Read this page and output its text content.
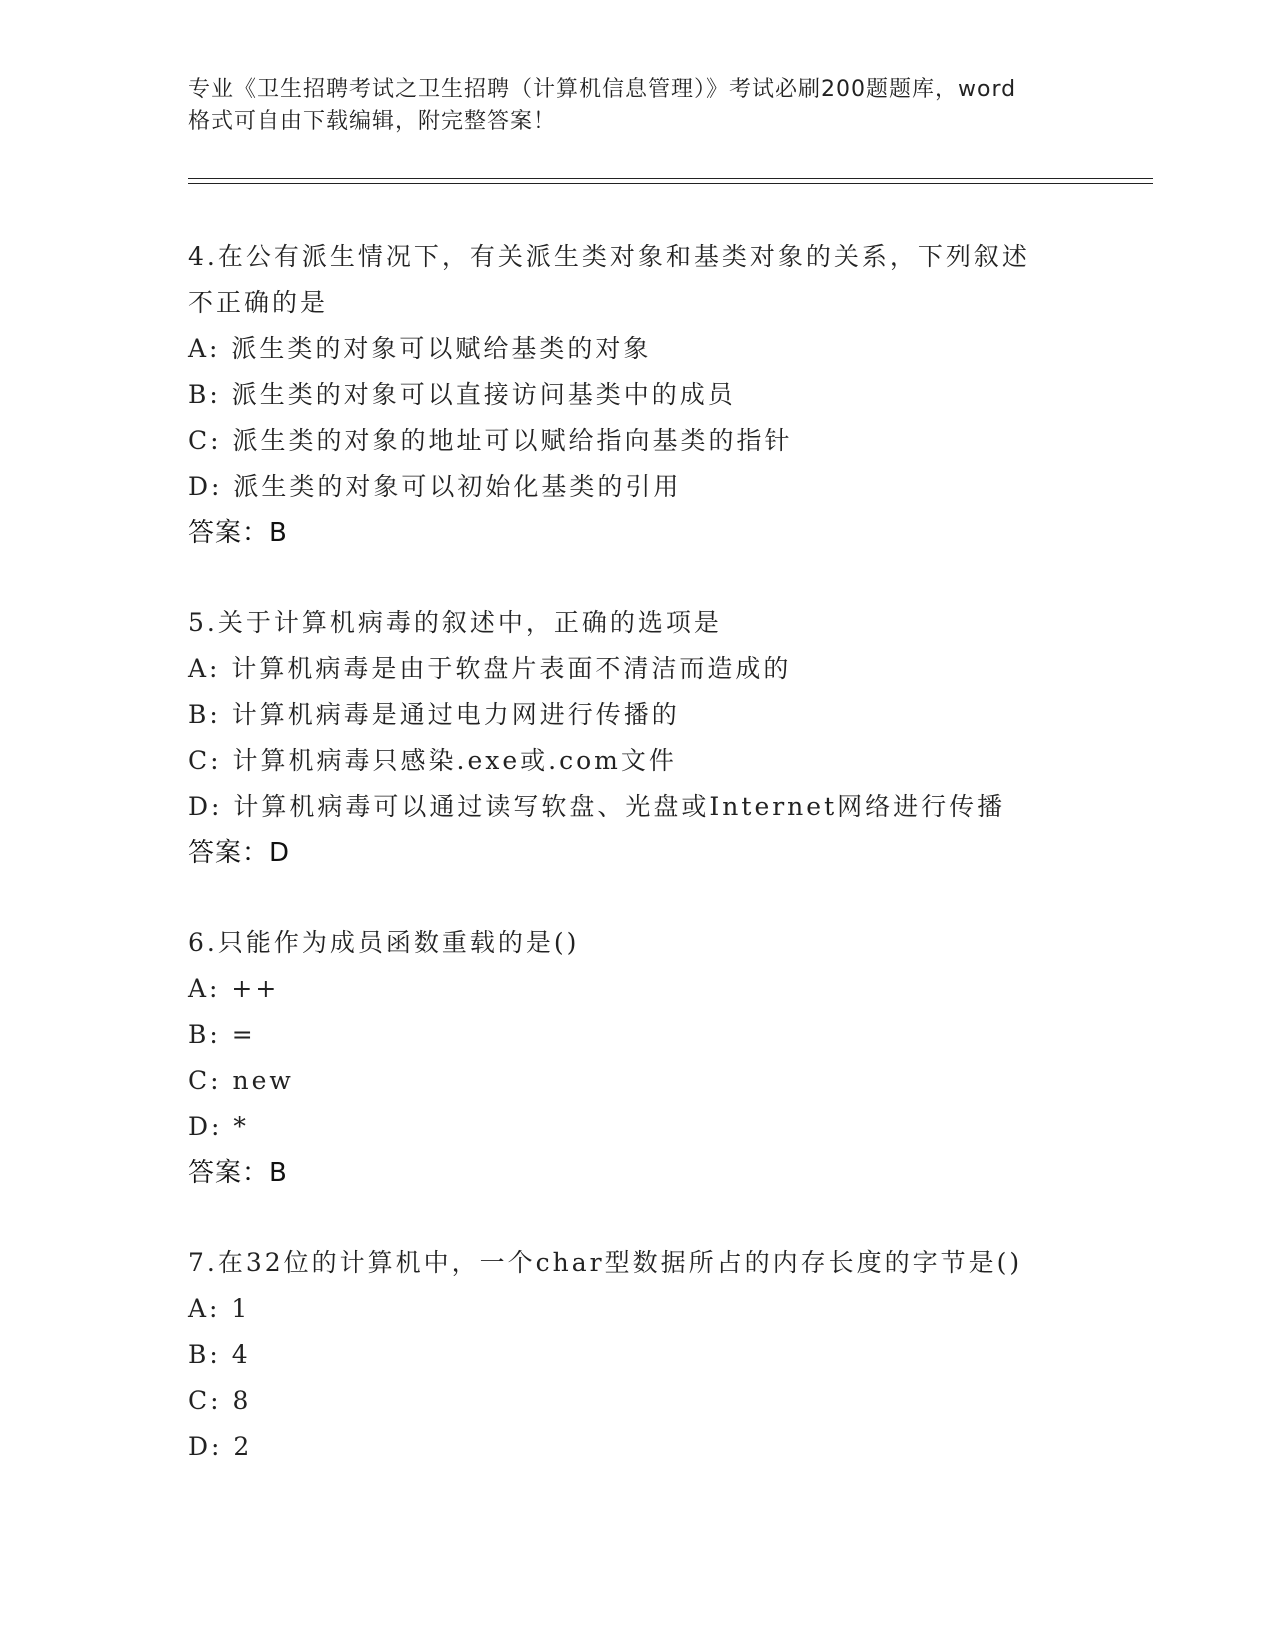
专业《卫生招聘考试之卫生招聘（计算机信息管理）》考试必刷200题题库，word
格式可自由下载编辑，附完整答案！

4.在公有派生情况下，有关派生类对象和基类对象的关系，下列叙述

不正确的是

A: 派生类的对象可以赋给基类的对象

B: 派生类的对象可以直接访问基类中的成员

C: 派生类的对象的地址可以赋给指向基类的指针

D: 派生类的对象可以初始化基类的引用

答案：B

5.关于计算机病毒的叙述中，正确的选项是

A: 计算机病毒是由于软盘片表面不清洁而造成的

B: 计算机病毒是通过电力网进行传播的

C: 计算机病毒只感染.exe或.com文件

D: 计算机病毒可以通过读写软盘、光盘或Internet网络进行传播

答案：D

6.只能作为成员函数重载的是()

A: ++

B: =

C: new

D: *

答案：B

7.在32位的计算机中，一个char型数据所占的内存长度的字节是()

A: 1

B: 4

C: 8

D: 2
